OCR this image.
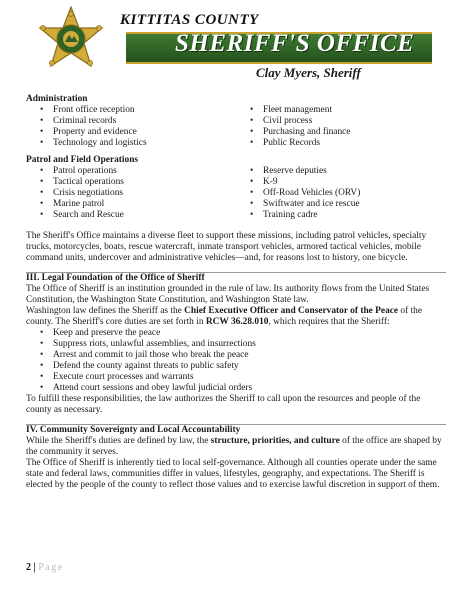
KITTITAS COUNTY
SHERIFF'S OFFICE
Clay Myers, Sheriff

Administration

• Front office reception
• Criminal records
• Property and evidence
• Technology and logistics
• Fleet management
• Civil process
• Purchasing and finance
• Public Records

Patrol and Field Operations

• Patrol operations
• Tactical operations
• Crisis negotiations
• Marine patrol
• Search and Rescue
• Reserve deputies
• K-9
• Off-Road Vehicles (ORV)
• Swiftwater and ice rescue
• Training cadre

The Sheriff's Office maintains a diverse fleet to support these missions, including patrol vehicles, specialty trucks, motorcycles, boats, rescue watercraft, inmate transport vehicles, armored tactical vehicles, mobile command units, undercover and administrative vehicles—and, for reasons lost to history, one bicycle.

III. Legal Foundation of the Office of Sheriff

The Office of Sheriff is an institution grounded in the rule of law. Its authority flows from the United States Constitution, the Washington State Constitution, and Washington State law.

Washington law defines the Sheriff as the Chief Executive Officer and Conservator of the Peace of the county. The Sheriff's core duties are set forth in RCW 36.28.010, which requires that the Sheriff:

• Keep and preserve the peace
• Suppress riots, unlawful assemblies, and insurrections
• Arrest and commit to jail those who break the peace
• Defend the county against threats to public safety
• Execute court processes and warrants
• Attend court sessions and obey lawful judicial orders

To fulfill these responsibilities, the law authorizes the Sheriff to call upon the resources and people of the county as necessary.

IV. Community Sovereignty and Local Accountability

While the Sheriff's duties are defined by law, the structure, priorities, and culture of the office are shaped by the community it serves.

The Office of Sheriff is inherently tied to local self-governance. Although all counties operate under the same state and federal laws, communities differ in values, lifestyles, geography, and expectations. The Sheriff is elected by the people of the county to reflect those values and to exercise lawful discretion in support of them.

2 | Page
